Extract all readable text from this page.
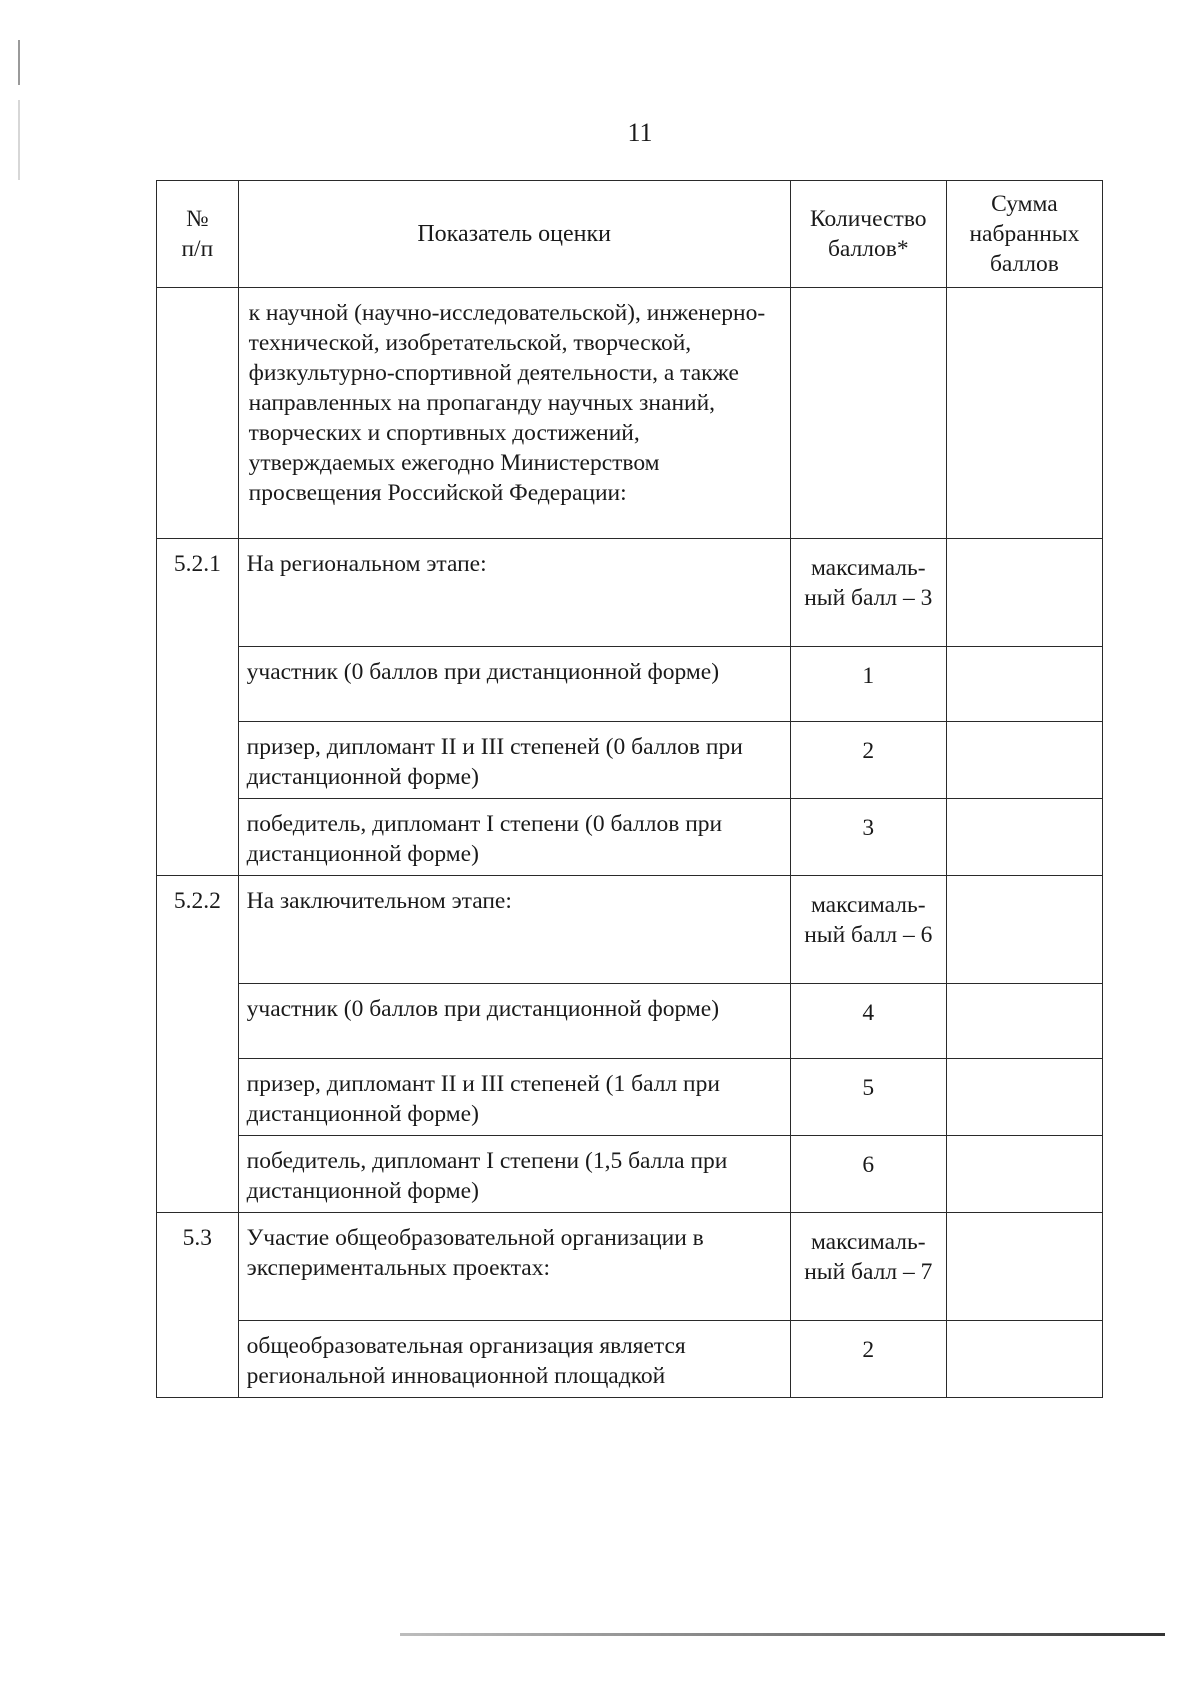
11
№ п/п	Показатель оценки	Количество баллов*	Сумма набранных баллов
	к научной (научно-исследовательской), инженерно-технической, изобретательской, творческой, физкультурно-спортивной деятельности, а также направленных на пропаганду научных знаний, творческих и спортивных достижений, утверждаемых ежегодно Министерством просвещения Российской Федерации:		
5.2.1	На региональном этапе:	максималь-ный балл – 3	
	участник (0 баллов при дистанционной форме)	1	
	призер, дипломант II и III степеней (0 баллов при дистанционной форме)	2	
	победитель, дипломант I степени (0 баллов при дистанционной форме)	3	
5.2.2	На заключительном этапе:	максималь-ный балл – 6	
	участник (0 баллов при дистанционной форме)	4	
	призер, дипломант II и III степеней (1 балл при дистанционной форме)	5	
	победитель, дипломант I степени (1,5 балла при дистанционной форме)	6	
5.3	Участие общеобразовательной организации в экспериментальных проектах:	максималь-ный балл – 7	
	общеобразовательная организация является региональной инновационной площадкой	2	
